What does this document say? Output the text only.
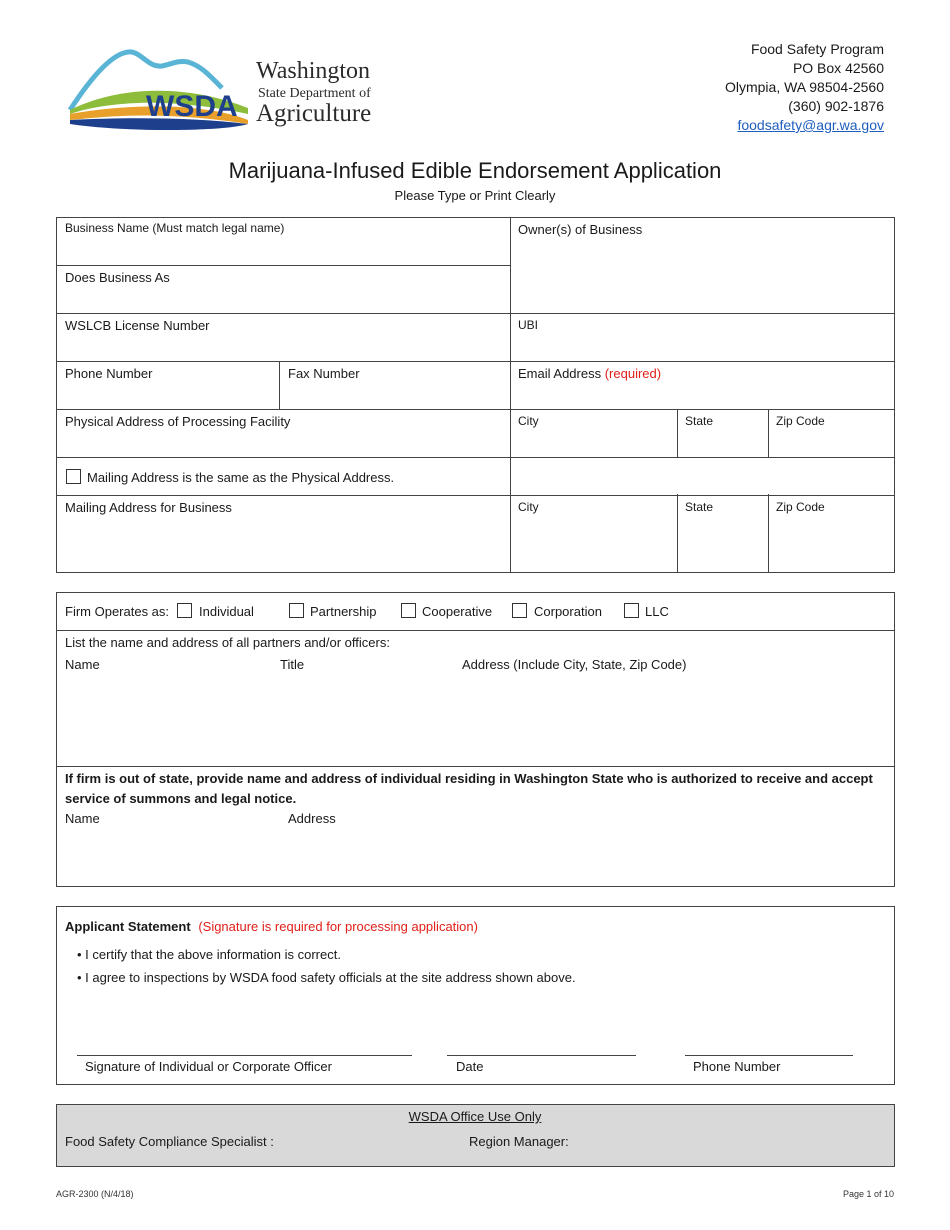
WSDA
Washington
State Department of
Agriculture
Food Safety Program
PO Box 42560
Olympia, WA 98504-2560
(360) 902-1876
foodsafety@agr.wa.gov
Marijuana-Infused Edible Endorsement Application
Please Type or Print Clearly
Business Name (Must match legal name)	Owner(s) of Business
Does Business As
WSLCB License Number	UBI
Phone Number	Fax Number	Email Address (required)
Physical Address of Processing Facility	City	State	Zip Code
Mailing Address is the same as the Physical Address.
Mailing Address for Business	City	State	Zip Code
Firm Operates as: Individual	Partnership	Cooperative	Corporation	LLC
List the name and address of all partners and/or officers:
Name	Title	Address (Include City, State, Zip Code)
If firm is out of state, provide name and address of individual residing in Washington State who is authorized to receive and accept service of summons and legal notice.
Name	Address
Applicant Statement (Signature is required for processing application)
• I certify that the above information is correct.
• I agree to inspections by WSDA food safety officials at the site address shown above.
Signature of Individual or Corporate Officer	Date	Phone Number
WSDA Office Use Only
Food Safety Compliance Specialist :	Region Manager:
AGR-2300 (N/4/18)	Page 1 of 10
